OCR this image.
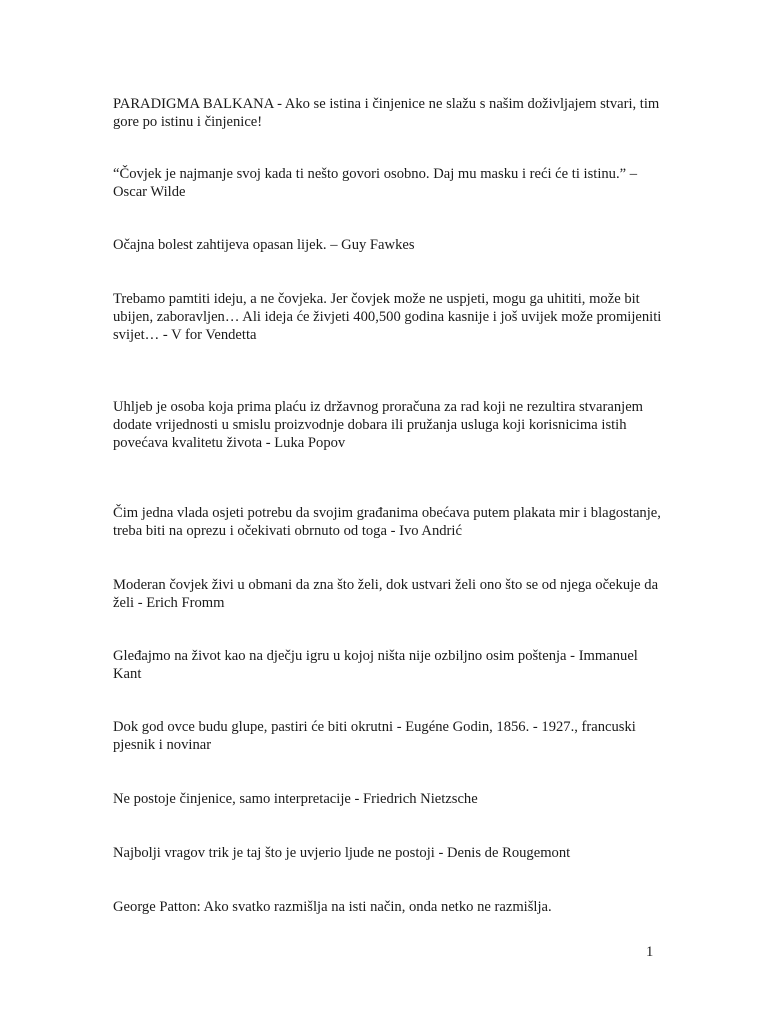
PARADIGMA BALKANA - Ako se istina i činjenice ne slažu s našim doživljajem stvari, tim gore po istinu i činjenice!

“Čovjek je najmanje svoj kada ti nešto govori osobno. Daj mu masku i reći će ti istinu.” – Oscar Wilde

Očajna bolest zahtijeva opasan lijek. – Guy Fawkes

Trebamo pamtiti ideju, a ne čovjeka. Jer čovjek može ne uspjeti, mogu ga uhititi, može bit ubijen, zaboravljen… Ali ideja će živjeti 400,500 godina kasnije i još uvijek može promijeniti svijet… - V for Vendetta

Uhljeb je osoba koja prima plaću iz državnog proračuna za rad koji ne rezultira stvaranjem dodate vrijednosti u smislu proizvodnje dobara ili pružanja usluga koji korisnicima istih povećava kvalitetu života - Luka Popov

Čim jedna vlada osjeti potrebu da svojim građanima obećava putem plakata mir i blagostanje, treba biti na oprezu i očekivati obrnuto od toga - Ivo Andrić

Moderan čovjek živi u obmani da zna što želi, dok ustvari želi ono što se od njega očekuje da želi - Erich Fromm

Gleđajmo na život kao na dječju igru u kojoj ništa nije ozbiljno osim poštenja - Immanuel Kant

Dok god ovce budu glupe, pastiri će biti okrutni - Eugéne Godin, 1856. - 1927., francuski pjesnik i novinar

Ne postoje činjenice, samo interpretacije - Friedrich Nietzsche

Najbolji vragov trik je taj što je uvjerio ljude ne postoji - Denis de Rougemont

George Patton: Ako svatko razmišlja na isti način, onda netko ne razmišlja.

1
